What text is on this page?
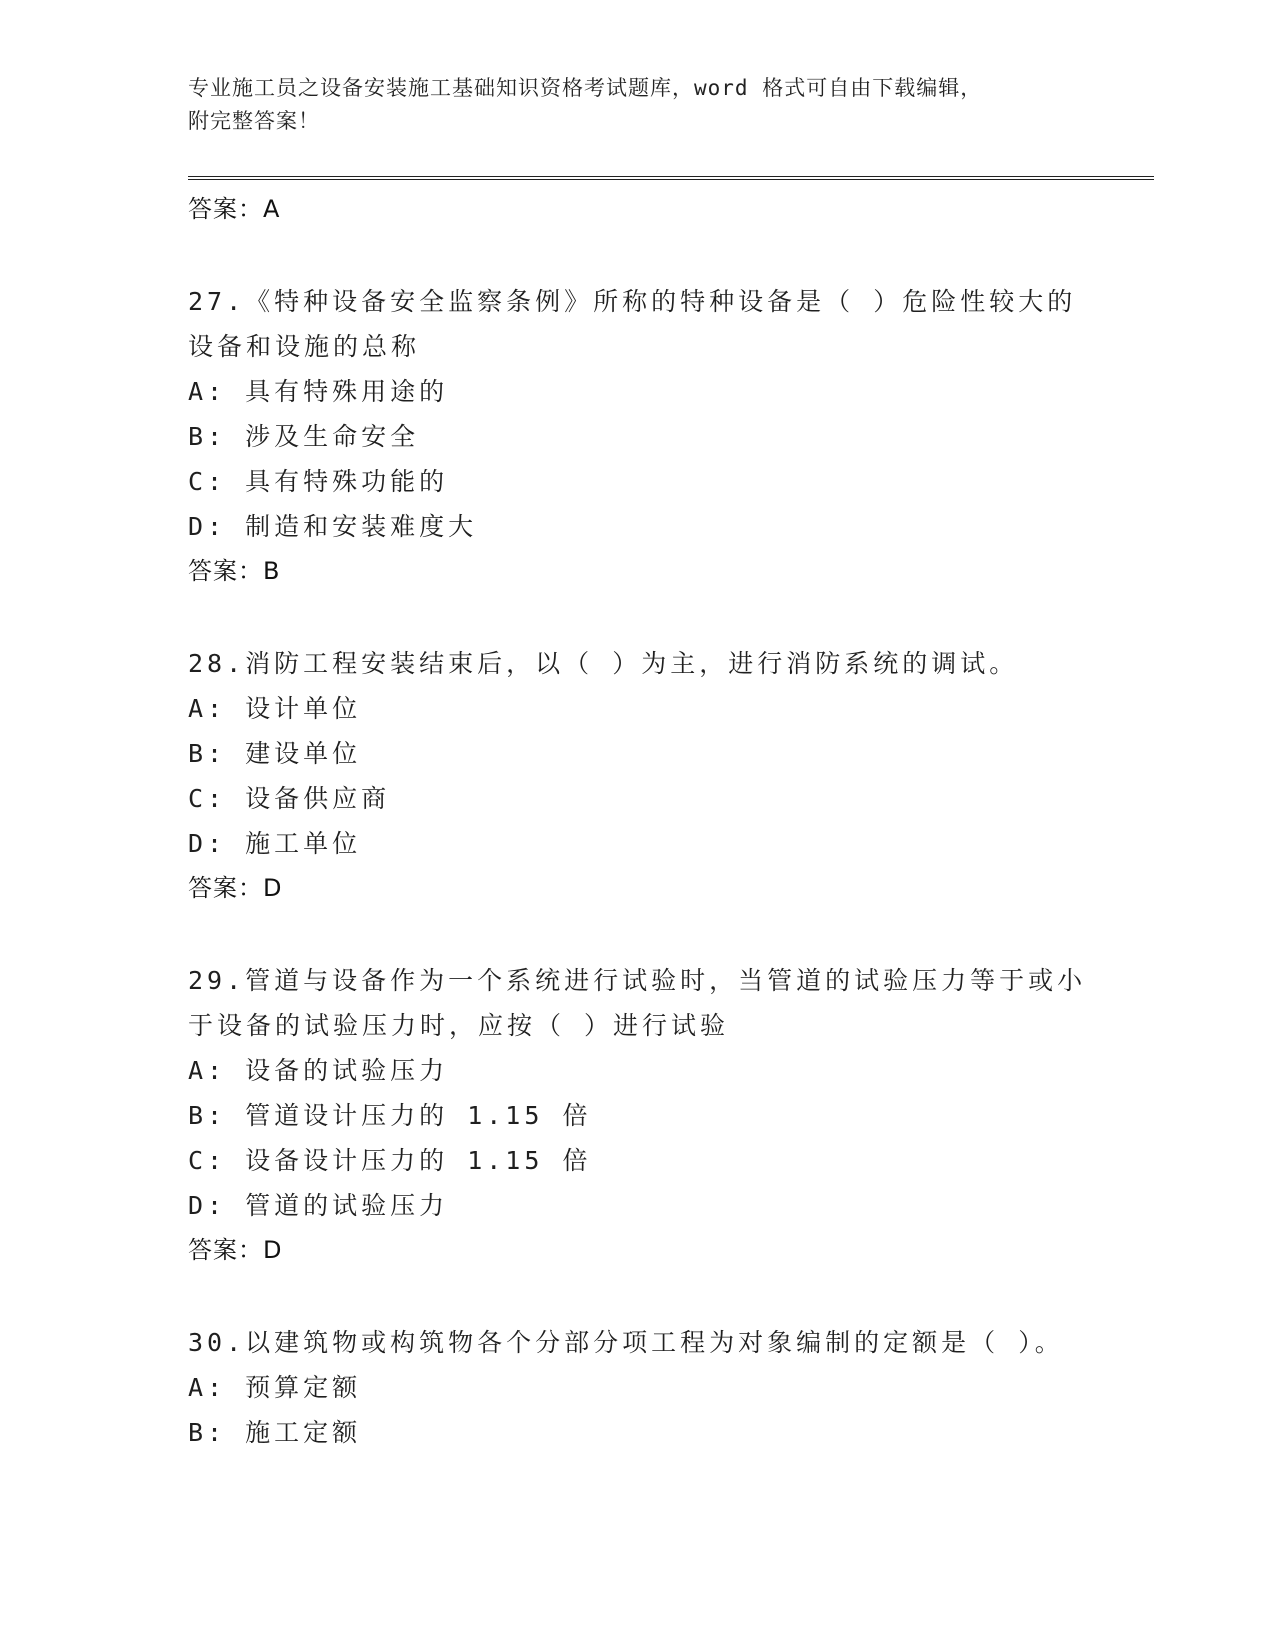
专业施工员之设备安装施工基础知识资格考试题库，word 格式可自由下载编辑，
附完整答案！
答案：A
27.《特种设备安全监察条例》所称的特种设备是（ ）危险性较大的
设备和设施的总称
A: 具有特殊用途的
B: 涉及生命安全
C: 具有特殊功能的
D: 制造和安装难度大
答案：B
28.消防工程安装结束后，以（ ）为主，进行消防系统的调试。
A: 设计单位
B: 建设单位
C: 设备供应商
D: 施工单位
答案：D
29.管道与设备作为一个系统进行试验时，当管道的试验压力等于或小
于设备的试验压力时，应按（ ）进行试验
A: 设备的试验压力
B: 管道设计压力的 1.15 倍
C: 设备设计压力的 1.15 倍
D: 管道的试验压力
答案：D
30.以建筑物或构筑物各个分部分项工程为对象编制的定额是（ ）。
A: 预算定额
B: 施工定额
